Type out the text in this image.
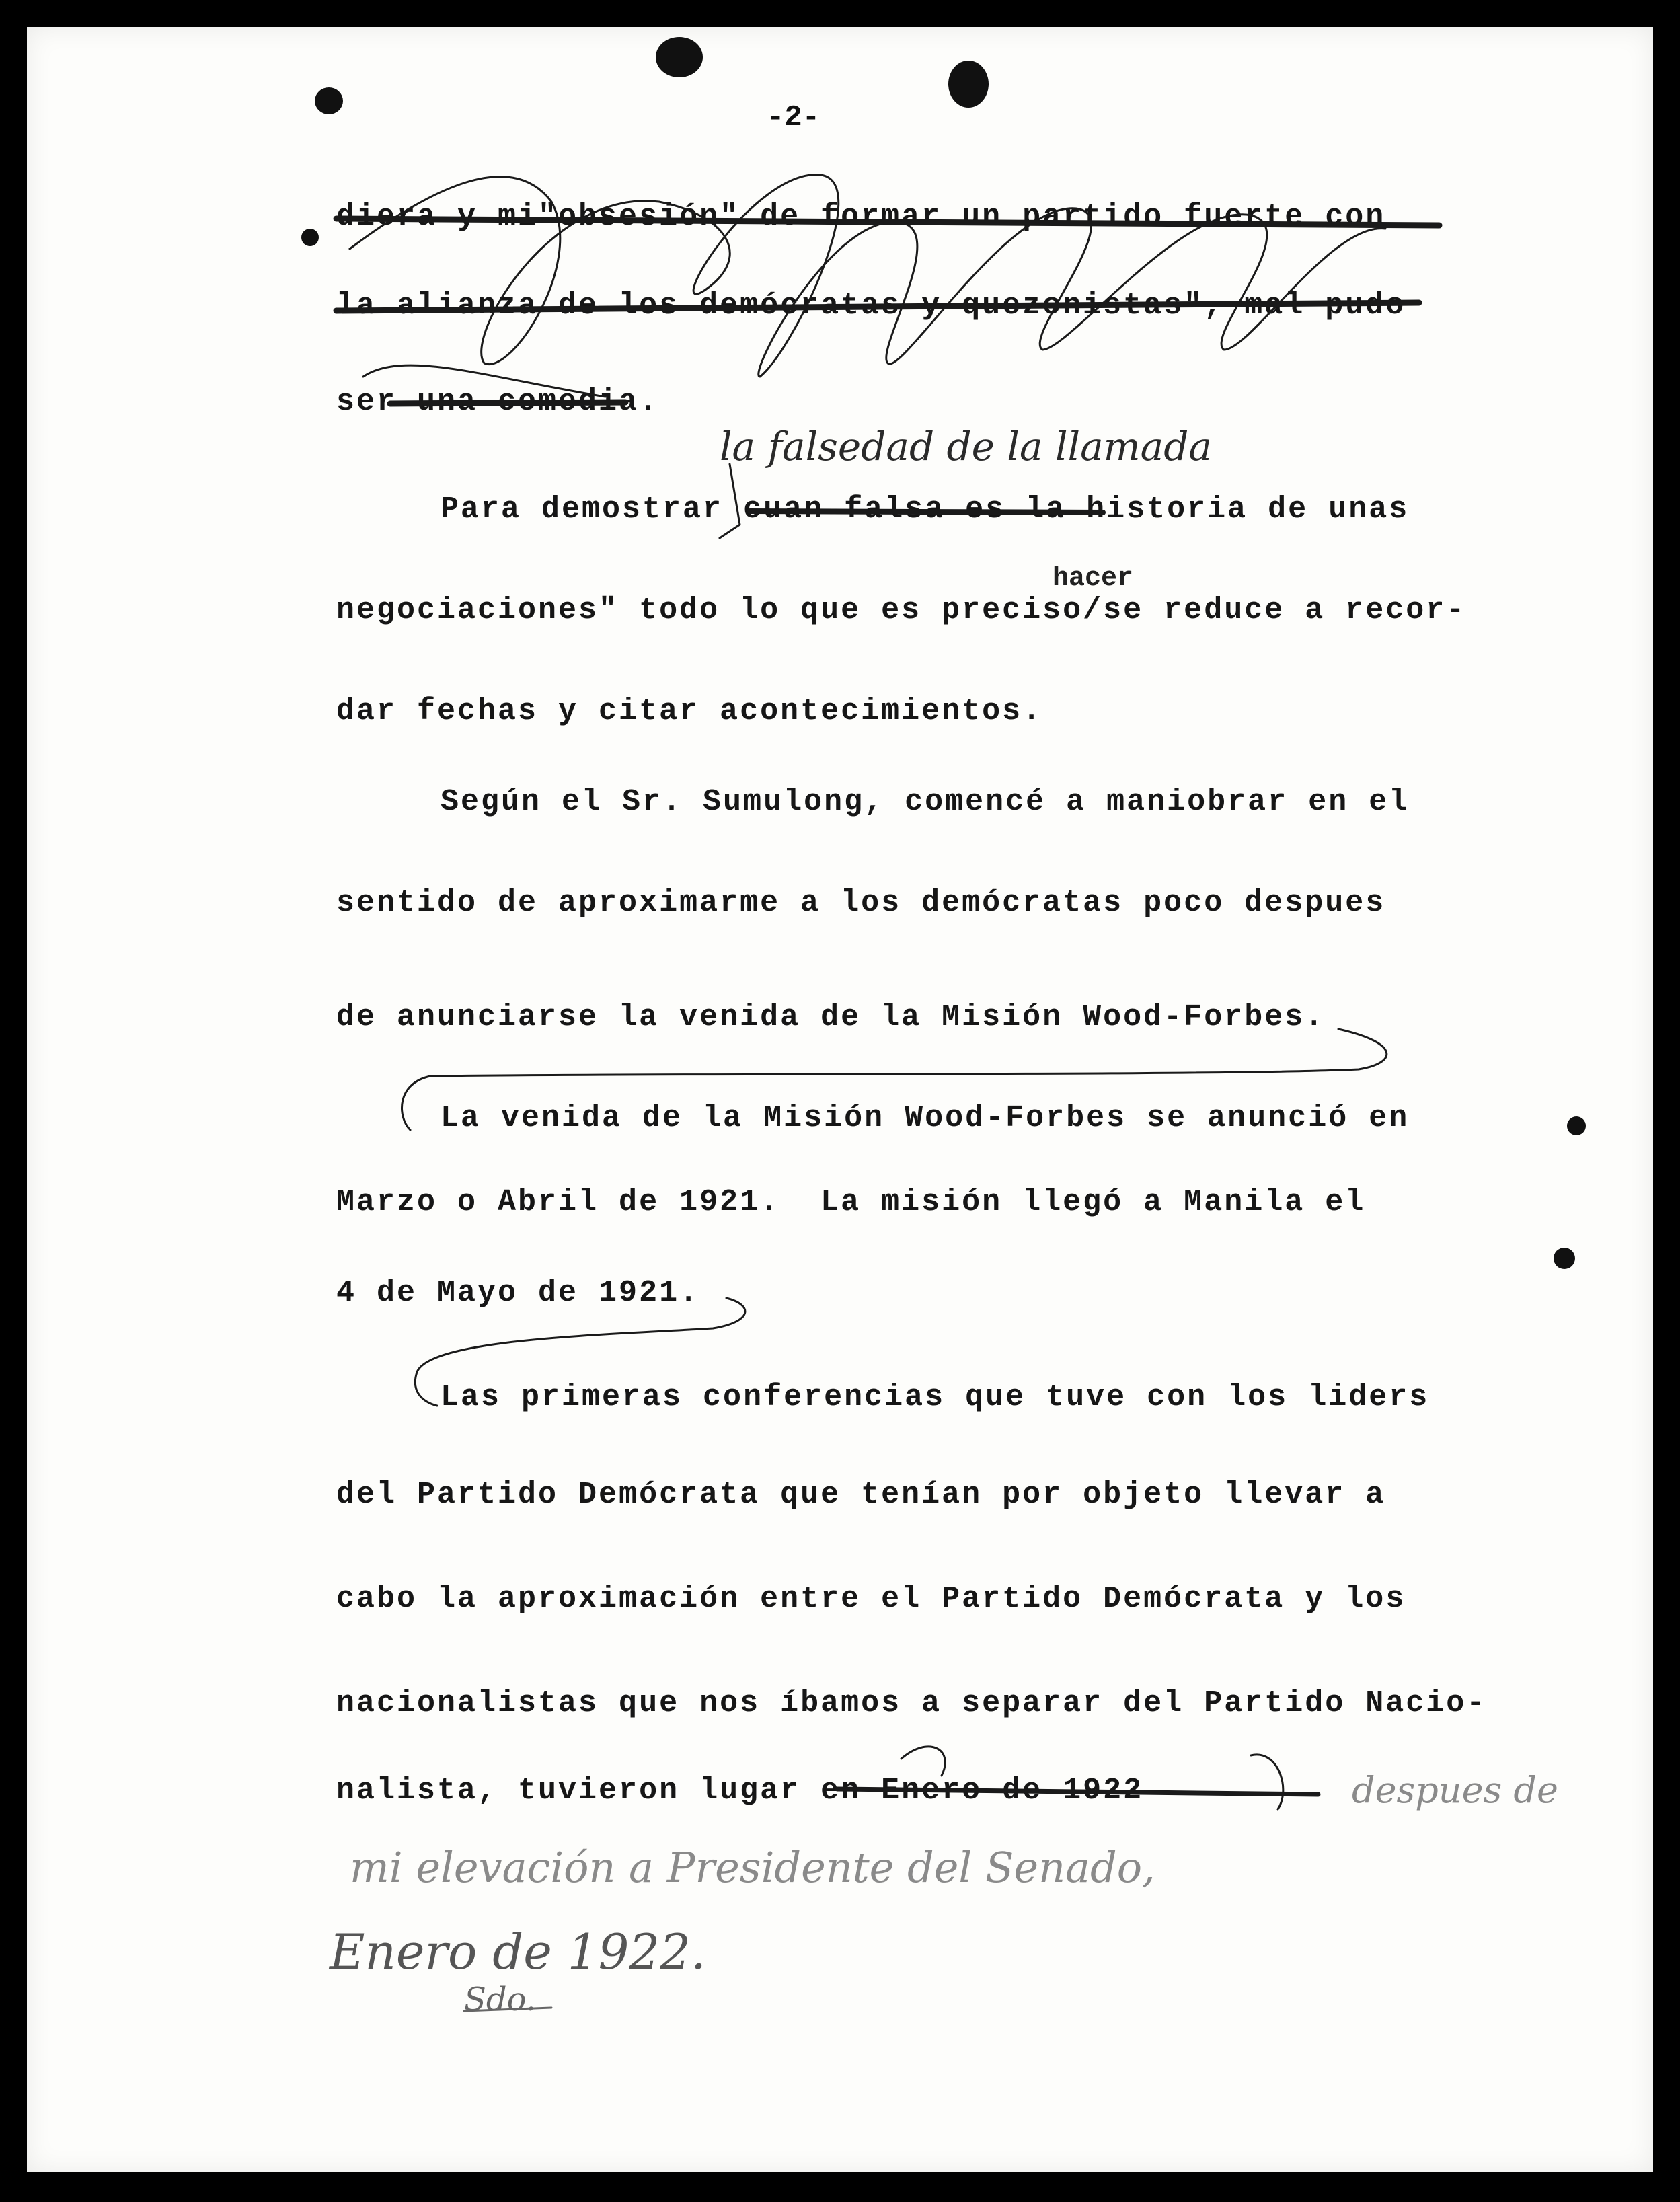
-2-
diera y mi"obsesión" de formar un partido fuerte con
la alianza de los demócratas y quezonistas", mal pudo
ser una comedia.
Para demostrar cuan falsa es la historia de unas
negociaciones" todo lo que es preciso/se reduce a recor-
dar fechas y citar acontecimientos.
Según el Sr. Sumulong, comencé a maniobrar en el
sentido de aproximarme a los demócratas poco despues
de anunciarse la venida de la Misión Wood-Forbes.
La venida de la Misión Wood-Forbes se anunció en
Marzo o Abril de 1921.  La misión llegó a Manila el
4 de Mayo de 1921.
Las primeras conferencias que tuve con los liders
del Partido Demócrata que tenían por objeto llevar a
cabo la aproximación entre el Partido Demócrata y los
nacionalistas que nos íbamos a separar del Partido Nacio-
nalista, tuvieron lugar en Enero de 1922
la falsedad de la llamada
hacer
despues de
mi elevación a Presidente del Senado,
Enero de 1922.
Sdo.
